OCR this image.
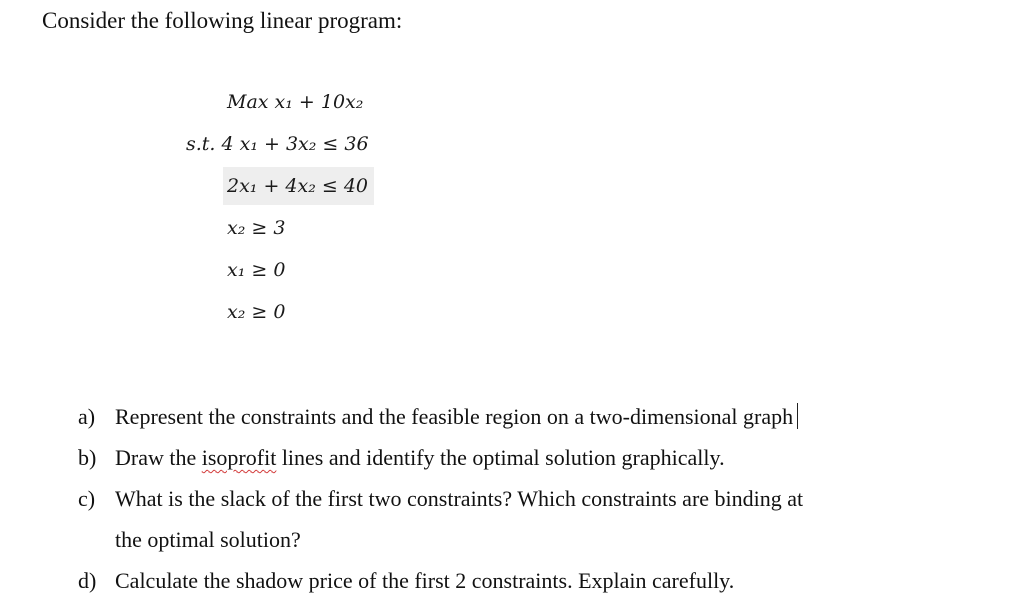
Consider the following linear program:
Max x₁ + 10x₂
s.t. 4 x₁ + 3x₂ ≤ 36
2x₁ + 4x₂ ≤ 40
x₂ ≥ 3
x₁ ≥ 0
x₂ ≥ 0
a) Represent the constraints and the feasible region on a two-dimensional graph
b) Draw the isoprofit lines and identify the optimal solution graphically.
c) What is the slack of the first two constraints? Which constraints are binding at
the optimal solution?
d) Calculate the shadow price of the first 2 constraints. Explain carefully.
